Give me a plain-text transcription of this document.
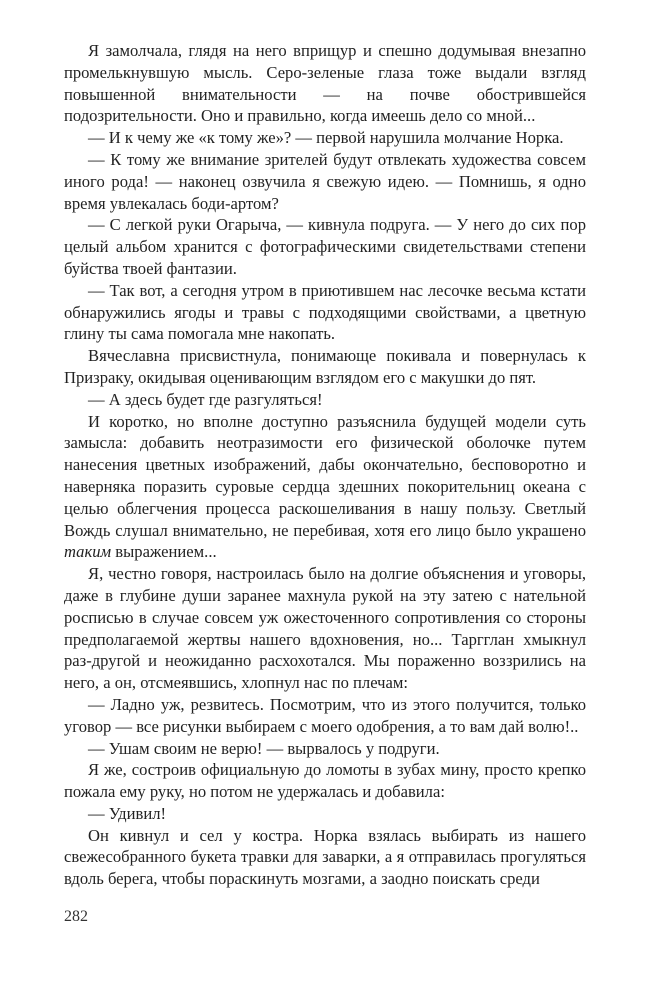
Я замолчала, глядя на него вприщур и спешно додумывая внезапно промелькнувшую мысль. Серо-зеленые глаза тоже выдали взгляд повышенной внимательности — на почве обострившейся подозрительности. Оно и правильно, когда имеешь дело со мной...

— И к чему же «к тому же»? — первой нарушила молчание Норка.

— К тому же внимание зрителей будут отвлекать художества совсем иного рода! — наконец озвучила я свежую идею. — Помнишь, я одно время увлекалась боди-артом?

— С легкой руки Огарыча, — кивнула подруга. — У него до сих пор целый альбом хранится с фотографическими свидетельствами степени буйства твоей фантазии.

— Так вот, а сегодня утром в приютившем нас лесочке весьма кстати обнаружились ягоды и травы с подходящими свойствами, а цветную глину ты сама помогала мне накопать.

Вячеславна присвистнула, понимающе покивала и повернулась к Призраку, окидывая оценивающим взглядом его с макушки до пят.

— А здесь будет где разгуляться!

И коротко, но вполне доступно разъяснила будущей модели суть замысла: добавить неотразимости его физической оболочке путем нанесения цветных изображений, дабы окончательно, бесповоротно и наверняка поразить суровые сердца здешних покорительниц океана с целью облегчения процесса раскошеливания в нашу пользу. Светлый Вождь слушал внимательно, не перебивая, хотя его лицо было украшено таким выражением...

Я, честно говоря, настроилась было на долгие объяснения и уговоры, даже в глубине души заранее махнула рукой на эту затею с нательной росписью в случае совсем уж ожесточенного сопротивления со стороны предполагаемой жертвы нашего вдохновения, но... Таргглан хмыкнул раз-другой и неожиданно расхохотался. Мы пораженно воззрились на него, а он, отсмеявшись, хлопнул нас по плечам:

— Ладно уж, резвитесь. Посмотрим, что из этого получится, только уговор — все рисунки выбираем с моего одобрения, а то вам дай волю!..

— Ушам своим не верю! — вырвалось у подруги.

Я же, состроив официальную до ломоты в зубах мину, просто крепко пожала ему руку, но потом не удержалась и добавила:

— Удивил!

Он кивнул и сел у костра. Норка взялась выбирать из нашего свежесобранного букета травки для заварки, а я отправилась прогуляться вдоль берега, чтобы пораскинуть мозгами, а заодно поискать среди

282
